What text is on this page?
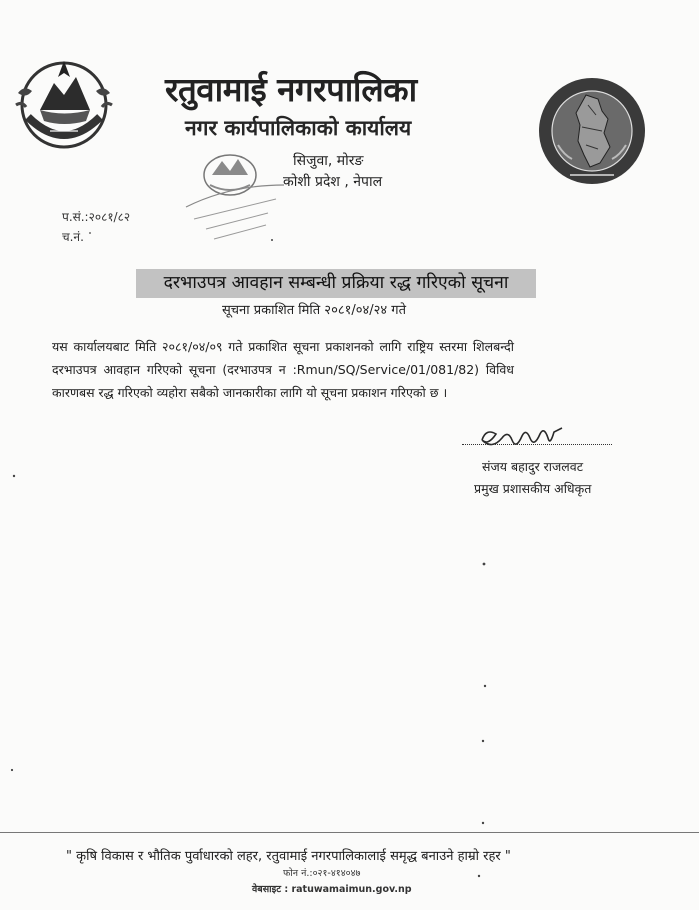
रतुवामाई नगरपालिका
नगर कार्यपालिकाको कार्यालय
सिजुवा, मोरङ
कोशी प्रदेश , नेपाल
प.सं.:२०८१/८२
च.नं.
दरभाउपत्र आवहान सम्बन्धी प्रक्रिया रद्ध गरिएको सूचना
सूचना प्रकाशित मिति २०८१/०४/२४ गते
यस कार्यालयबाट मिति २०८१/०४/०९ गते प्रकाशित सूचना प्रकाशनको लागि राष्ट्रिय स्तरमा शिलबन्दी दरभाउपत्र आवहान गरिएको सूचना (दरभाउपत्र न :Rmun/SQ/Service/01/081/82) विविध कारणबस रद्ध गरिएको व्यहोरा सबैको जानकारीका लागि यो सूचना प्रकाशन गरिएको छ ।
संजय बहादुर राजलवट
प्रमुख प्रशासकीय अधिकृत
" कृषि विकास र भौतिक पुर्वाधारको लहर, रतुवामाई नगरपालिकालाई समृद्ध बनाउने हाम्रो रहर "
फोन नं.:०२१-४१४०४७
वेबसाइट : ratuwamaimun.gov.np
